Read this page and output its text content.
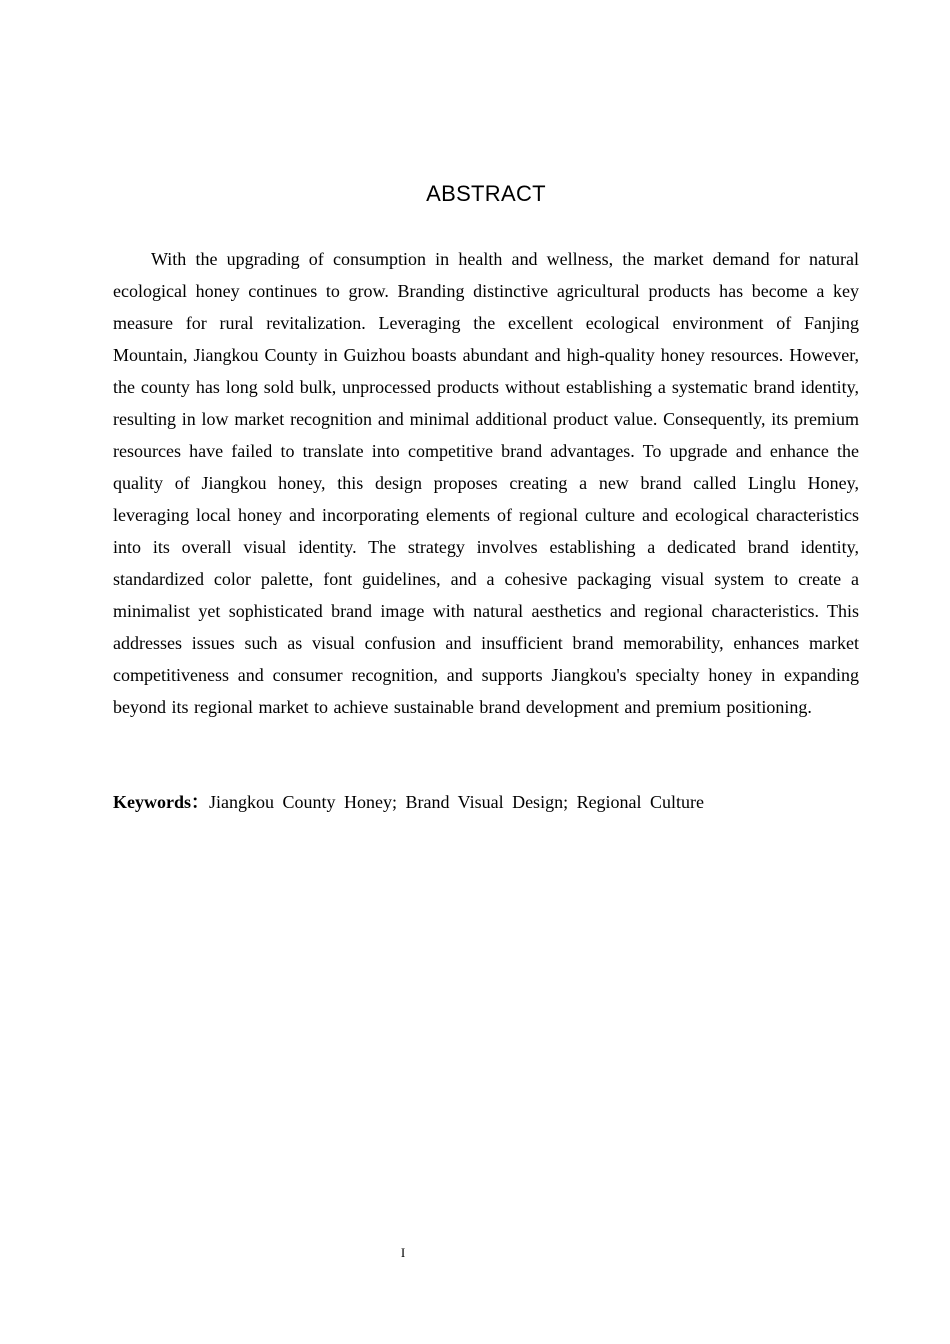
ABSTRACT

With the upgrading of consumption in health and wellness, the market demand for natural ecological honey continues to grow. Branding distinctive agricultural products has become a key measure for rural revitalization. Leveraging the excellent ecological environment of Fanjing Mountain, Jiangkou County in Guizhou boasts abundant and high-quality honey resources. However, the county has long sold bulk, unprocessed products without establishing a systematic brand identity, resulting in low market recognition and minimal additional product value. Consequently, its premium resources have failed to translate into competitive brand advantages. To upgrade and enhance the quality of Jiangkou honey, this design proposes creating a new brand called Linglu Honey, leveraging local honey and incorporating elements of regional culture and ecological characteristics into its overall visual identity. The strategy involves establishing a dedicated brand identity, standardized color palette, font guidelines, and a cohesive packaging visual system to create a minimalist yet sophisticated brand image with natural aesthetics and regional characteristics. This addresses issues such as visual confusion and insufficient brand memorability, enhances market competitiveness and consumer recognition, and supports Jiangkou's specialty honey in expanding beyond its regional market to achieve sustainable brand development and premium positioning.

Keywords：Jiangkou County Honey; Brand Visual Design; Regional Culture

I
